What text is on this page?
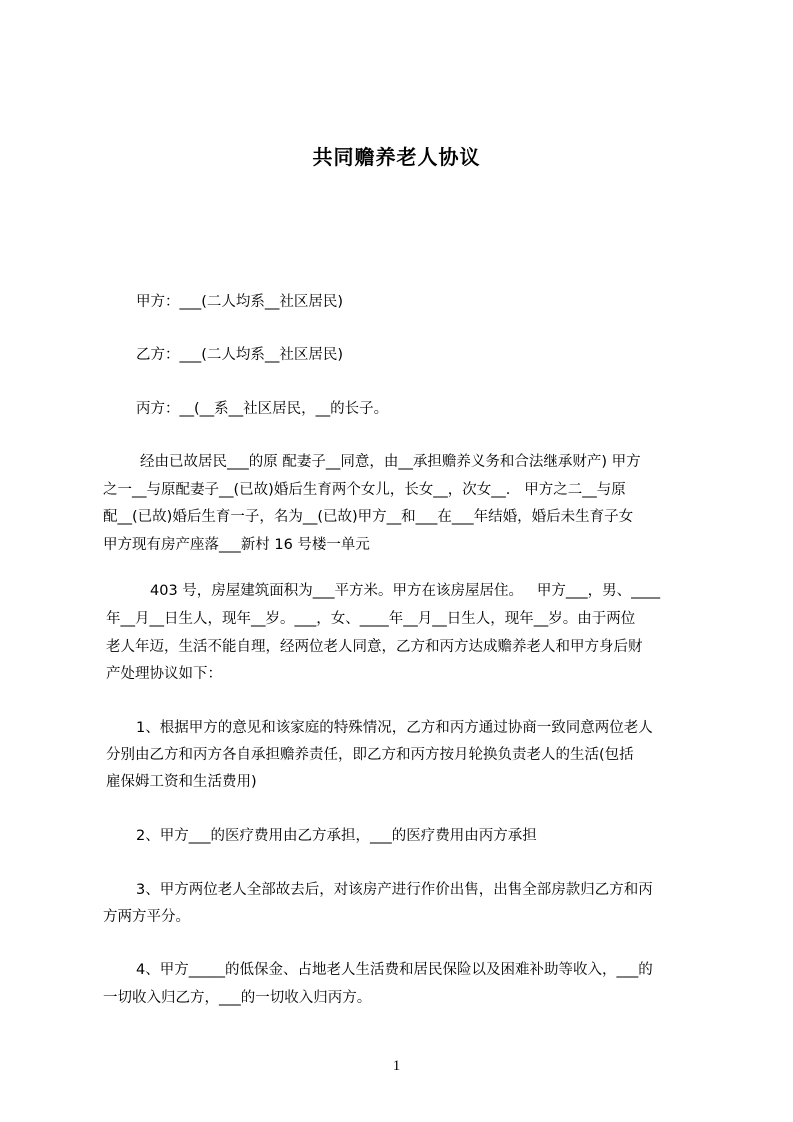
共同赡养老人协议
甲方：___(二人均系__社区居民)
乙方：___(二人均系__社区居民)
丙方：__(__系__社区居民，__的长子。
经由已故居民___的原 配妻子__同意，由__承担赡养义务和合法继承财产) 甲方
之一__与原配妻子__(已故)婚后生育两个女儿，长女__，次女__.   甲方之二__与原
配__(已故)婚后生育一子，名为__(已故)甲方__和___在___年结婚，婚后未生育子女
甲方现有房产座落___新村 16 号楼一单元
403 号，房屋建筑面积为___平方米。甲方在该房屋居住。   甲方___，男、____
年__月__日生人，现年__岁。___，女、____年__月__日生人，现年__岁。由于两位
老人年迈，生活不能自理，经两位老人同意，乙方和丙方达成赡养老人和甲方身后财
产处理协议如下：
1、根据甲方的意见和该家庭的特殊情况，乙方和丙方通过协商一致同意两位老人
分别由乙方和丙方各自承担赡养责任，即乙方和丙方按月轮换负责老人的生活(包括
雇保姆工资和生活费用)
2、甲方___的医疗费用由乙方承担，___的医疗费用由丙方承担
3、甲方两位老人全部故去后，对该房产进行作价出售，出售全部房款归乙方和丙
方两方平分。
4、甲方_____的低保金、占地老人生活费和居民保险以及困难补助等收入，___的
一切收入归乙方，___的一切收入归丙方。
1
